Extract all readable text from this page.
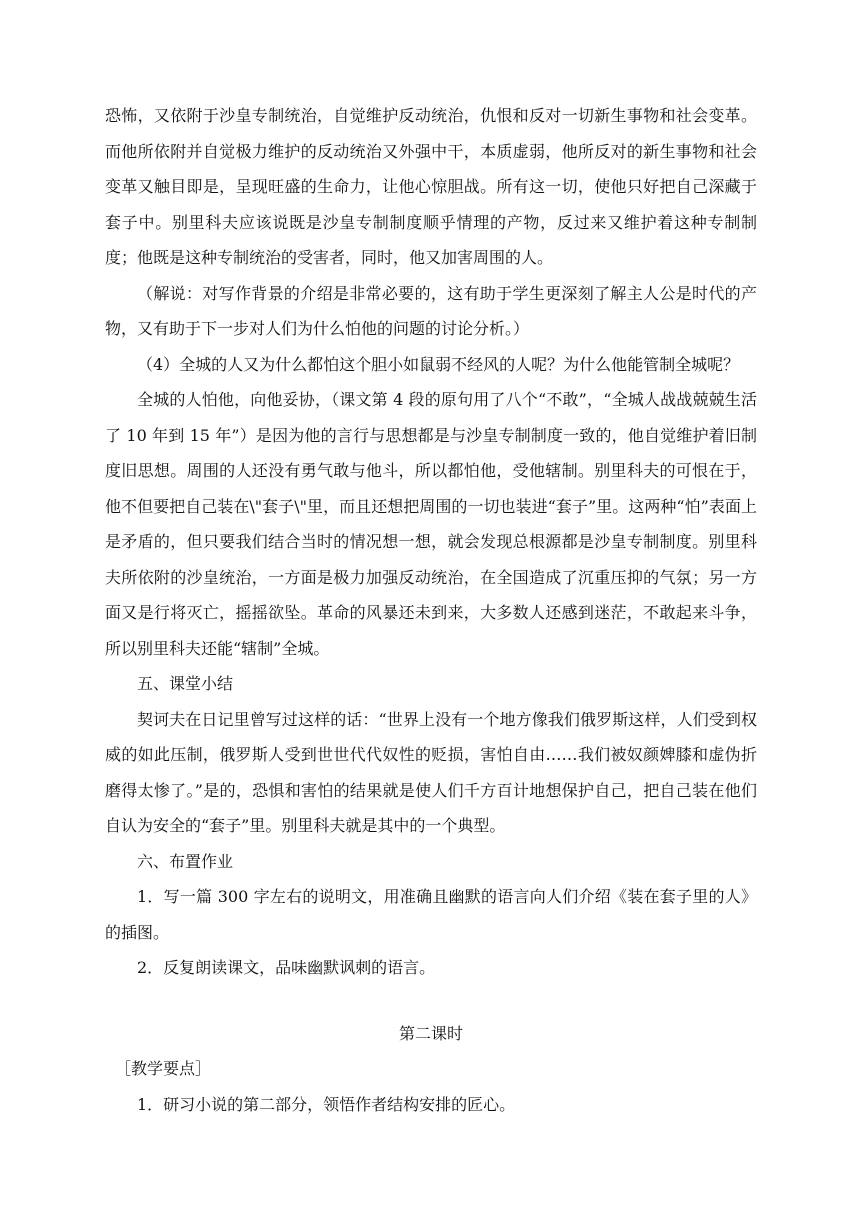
恐怖，又依附于沙皇专制统治，自觉维护反动统治，仇恨和反对一切新生事物和社会变革。而他所依附并自觉极力维护的反动统治又外强中干，本质虚弱，他所反对的新生事物和社会变革又触目即是，呈现旺盛的生命力，让他心惊胆战。所有这一切，使他只好把自己深藏于套子中。别里科夫应该说既是沙皇专制制度顺乎情理的产物，反过来又维护着这种专制制度；他既是这种专制统治的受害者，同时，他又加害周围的人。

（解说：对写作背景的介绍是非常必要的，这有助于学生更深刻了解主人公是时代的产物，又有助于下一步对人们为什么怕他的问题的讨论分析。）

（4）全城的人又为什么都怕这个胆小如鼠弱不经风的人呢？为什么他能管制全城呢？

全城的人怕他，向他妥协，（课文第 4 段的原句用了八个“不敢”，“全城人战战兢兢生活了 10 年到 15 年”）是因为他的言行与思想都是与沙皇专制制度一致的，他自觉维护着旧制度旧思想。周围的人还没有勇气敢与他斗，所以都怕他，受他辖制。别里科夫的可恨在于，他不但要把自己装在\"套子\"里，而且还想把周围的一切也装进“套子”里。这两种“怕”表面上是矛盾的，但只要我们结合当时的情况想一想，就会发现总根源都是沙皇专制制度。别里科夫所依附的沙皇统治，一方面是极力加强反动统治，在全国造成了沉重压抑的气氛；另一方面又是行将灭亡，摇摇欲坠。革命的风暴还未到来，大多数人还感到迷茫，不敢起来斗争，所以别里科夫还能“辖制”全城。

五、课堂小结

契诃夫在日记里曾写过这样的话：“世界上没有一个地方像我们俄罗斯这样，人们受到权威的如此压制，俄罗斯人受到世世代代奴性的贬损，害怕自由……我们被奴颜婢膝和虚伪折磨得太惨了。”是的，恐惧和害怕的结果就是使人们千方百计地想保护自己，把自己装在他们自认为安全的“套子”里。别里科夫就是其中的一个典型。

六、布置作业

1．写一篇 300 字左右的说明文，用准确且幽默的语言向人们介绍《装在套子里的人》的插图。

2．反复朗读课文，品味幽默讽刺的语言。

第二课时

［教学要点］

1．研习小说的第二部分，领悟作者结构安排的匠心。
